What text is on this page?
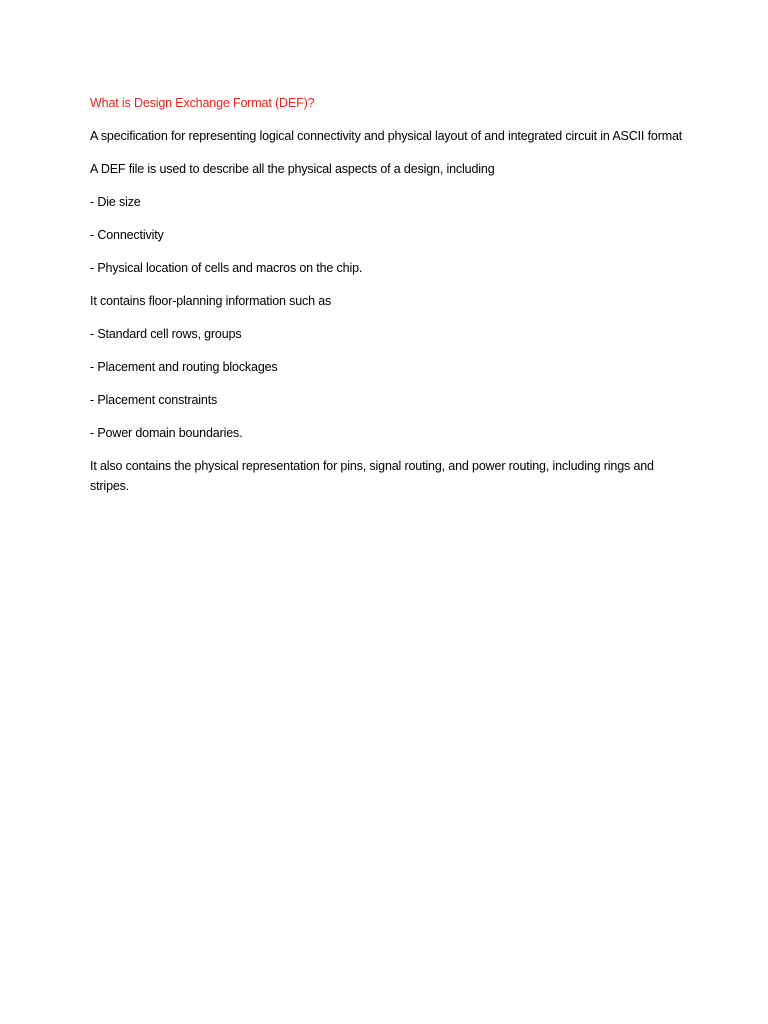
What is Design Exchange Format (DEF)?

A specification for representing logical connectivity and physical layout of and integrated circuit in ASCII format

A DEF file is used to describe all the physical aspects of a design, including

- Die size

- Connectivity

- Physical location of cells and macros on the chip.

It contains floor-planning information such as

- Standard cell rows, groups

- Placement and routing blockages

- Placement constraints

- Power domain boundaries.

It also contains the physical representation for pins, signal routing, and power routing, including rings and stripes.
